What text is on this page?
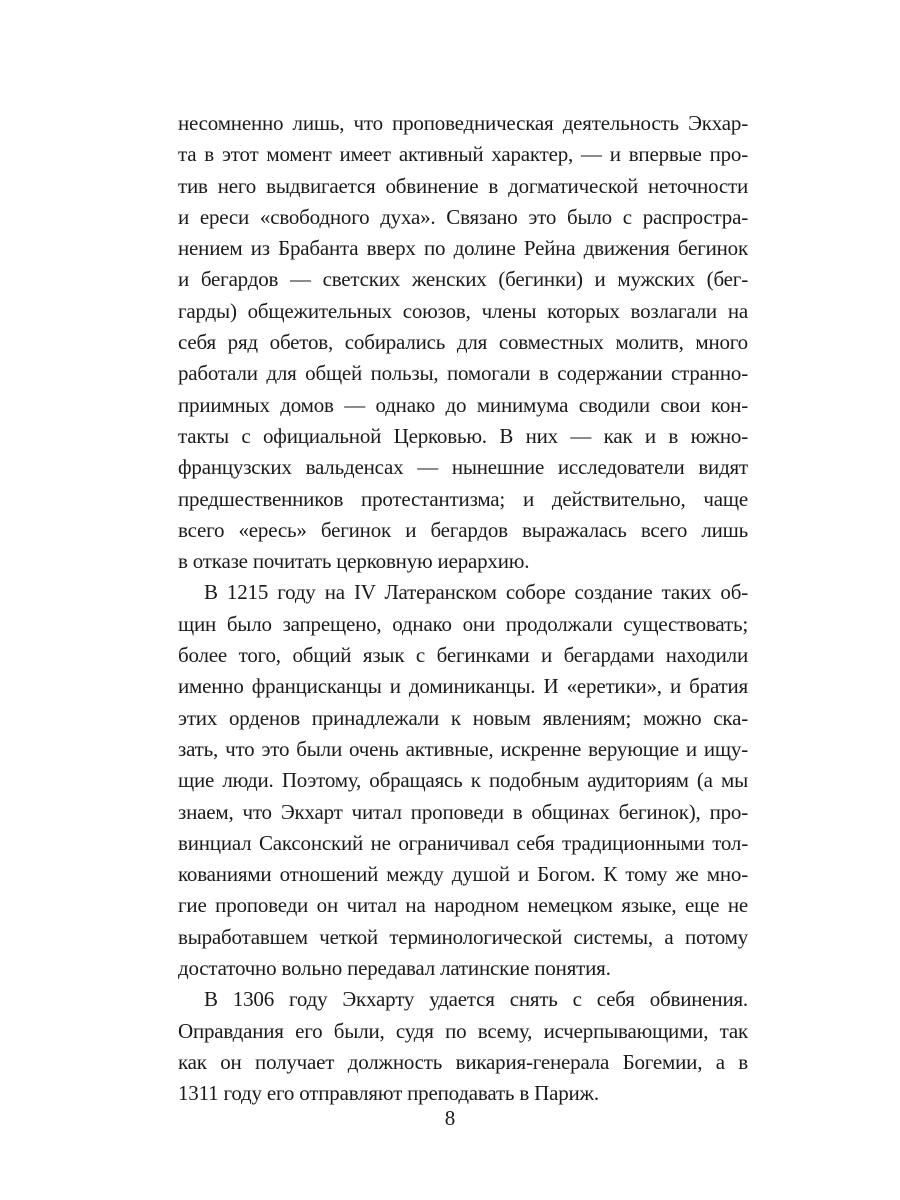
несомненно лишь, что проповедническая деятельность Экхар-
та в этот момент имеет активный характер, — и впервые про-
тив него выдвигается обвинение в догматической неточности
и ереси «свободного духа». Связано это было с распростра-
нением из Брабанта вверх по долине Рейна движения бегинок
и бегардов — светских женских (бегинки) и мужских (бег-
гарды) общежительных союзов, члены которых возлагали на
себя ряд обетов, собирались для совместных молитв, много
работали для общей пользы, помогали в содержании странно-
приимных домов — однако до минимума сводили свои кон-
такты с официальной Церковью. В них — как и в южно-
французских вальденсах — нынешние исследователи видят
предшественников протестантизма; и действительно, чаще
всего «ересь» бегинок и бегардов выражалась всего лишь
в отказе почитать церковную иерархию.
В 1215 году на IV Латеранском соборе создание таких об-
щин было запрещено, однако они продолжали существовать;
более того, общий язык с бегинками и бегардами находили
именно францисканцы и доминиканцы. И «еретики», и братия
этих орденов принадлежали к новым явлениям; можно ска-
зать, что это были очень активные, искренне верующие и ищу-
щие люди. Поэтому, обращаясь к подобным аудиториям (а мы
знаем, что Экхарт читал проповеди в общинах бегинок), про-
винциал Саксонский не ограничивал себя традиционными тол-
кованиями отношений между душой и Богом. К тому же мно-
гие проповеди он читал на народном немецком языке, еще не
выработавшем четкой терминологической системы, а потому
достаточно вольно передавал латинские понятия.
В 1306 году Экхарту удается снять с себя обвинения.
Оправдания его были, судя по всему, исчерпывающими, так
как он получает должность викария-генерала Богемии, а в
1311 году его отправляют преподавать в Париж.
8
